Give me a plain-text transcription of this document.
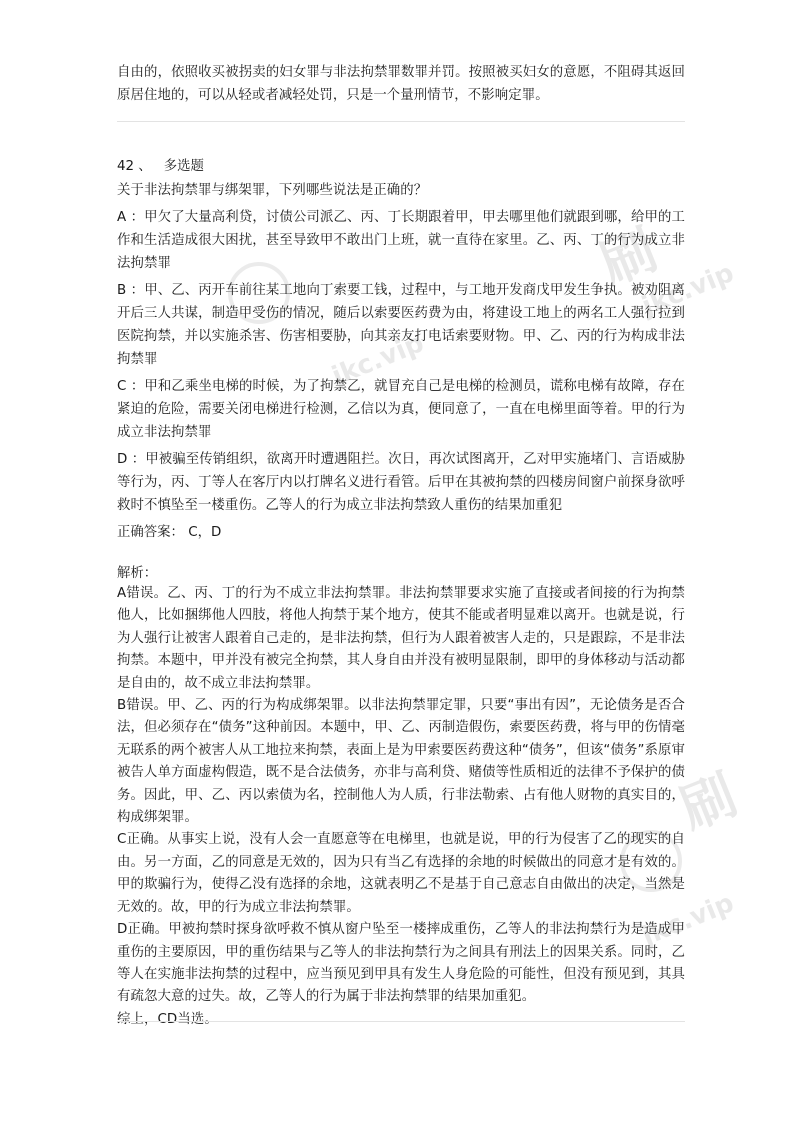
自由的，依照收买被拐卖的妇女罪与非法拘禁罪数罪并罚。按照被买妇女的意愿，不阻碍其返回原居住地的，可以从轻或者减轻处罚，只是一个量刑情节，不影响定罪。

42 、 多选题

关于非法拘禁罪与绑架罪，下列哪些说法是正确的？

A ：甲欠了大量高利贷，讨债公司派乙、丙、丁长期跟着甲，甲去哪里他们就跟到哪，给甲的工作和生活造成很大困扰，甚至导致甲不敢出门上班，就一直待在家里。乙、丙、丁的行为成立非法拘禁罪

B ：甲、乙、丙开车前往某工地向丁索要工钱，过程中，与工地开发商戊甲发生争执。被劝阻离开后三人共谋，制造甲受伤的情况，随后以索要医药费为由，将建设工地上的两名工人强行拉到医院拘禁，并以实施杀害、伤害相要胁，向其亲友打电话索要财物。甲、乙、丙的行为构成非法拘禁罪

C ：甲和乙乘坐电梯的时候，为了拘禁乙，就冒充自己是电梯的检测员，谎称电梯有故障，存在紧迫的危险，需要关闭电梯进行检测，乙信以为真，便同意了，一直在电梯里面等着。甲的行为成立非法拘禁罪

D ：甲被骗至传销组织，欲离开时遭遇阻拦。次日，再次试图离开，乙对甲实施堵门、言语威胁等行为，丙、丁等人在客厅内以打牌名义进行看管。后甲在其被拘禁的四楼房间窗户前探身欲呼救时不慎坠至一楼重伤。乙等人的行为成立非法拘禁致人重伤的结果加重犯

正确答案： C，D
解析：

A错误。乙、丙、丁的行为不成立非法拘禁罪。非法拘禁罪要求实施了直接或者间接的行为拘禁他人，比如捆绑他人四肢，将他人拘禁于某个地方，使其不能或者明显难以离开。也就是说，行为人强行让被害人跟着自己走的，是非法拘禁，但行为人跟着被害人走的，只是跟踪，不是非法拘禁。本题中，甲并没有被完全拘禁，其人身自由并没有被明显限制，即甲的身体移动与活动都是自由的，故不成立非法拘禁罪。

B错误。甲、乙、丙的行为构成绑架罪。以非法拘禁罪定罪，只要“事出有因”，无论债务是否合法，但必须存在“债务”这种前因。本题中，甲、乙、丙制造假伤，索要医药费，将与甲的伤情毫无联系的两个被害人从工地拉来拘禁，表面上是为甲索要医药费这种“债务”，但该“债务”系原审被告人单方面虚构假造，既不是合法债务，亦非与高利贷、赌债等性质相近的法律不予保护的债务。因此，甲、乙、丙以索债为名，控制他人为人质，行非法勒索、占有他人财物的真实目的，构成绑架罪。

C正确。从事实上说，没有人会一直愿意等在电梯里，也就是说，甲的行为侵害了乙的现实的自由。另一方面，乙的同意是无效的，因为只有当乙有选择的余地的时候做出的同意才是有效的。甲的欺骗行为，使得乙没有选择的余地，这就表明乙不是基于自己意志自由做出的决定，当然是无效的。故，甲的行为成立非法拘禁罪。

D正确。甲被拘禁时探身欲呼救不慎从窗户坠至一楼摔成重伤，乙等人的非法拘禁行为是造成甲重伤的主要原因，甲的重伤结果与乙等人的非法拘禁行为之间具有刑法上的因果关系。同时，乙等人在实施非法拘禁的过程中，应当预见到甲具有发生人身危险的可能性，但没有预见到，其具有疏忽大意的过失。故，乙等人的行为属于非法拘禁罪的结果加重犯。

综上，CD当选。

刷
jkc.vip
jkc.vip
刷
jkc.vip
